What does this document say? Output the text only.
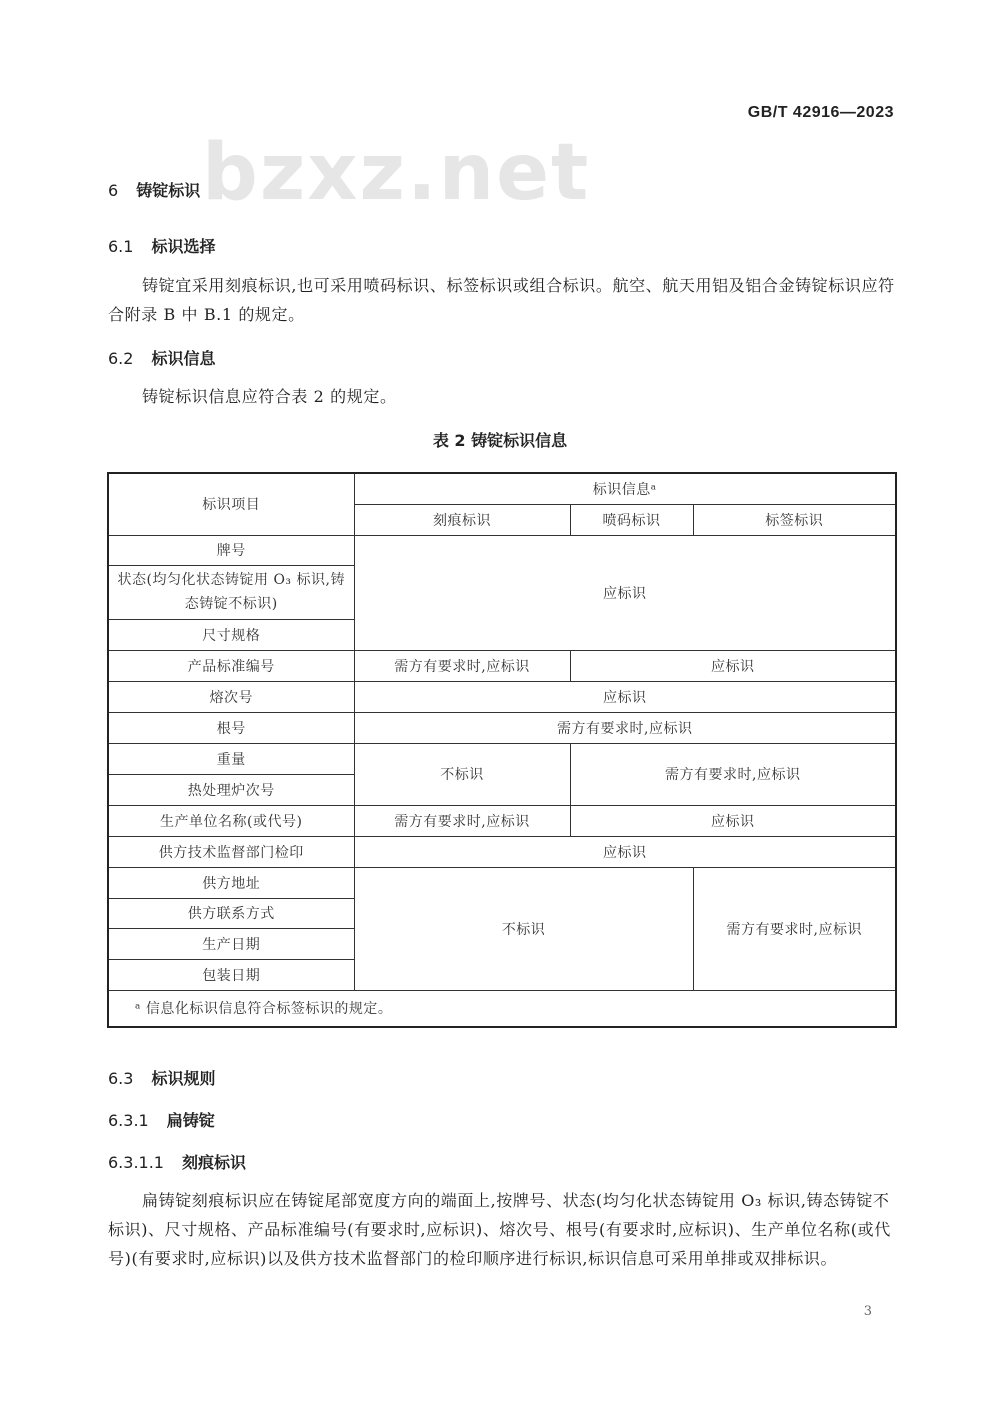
GB/T 42916—2023
bzxz.net
6 铸锭标识
6.1 标识选择
铸锭宜采用刻痕标识,也可采用喷码标识、标签标识或组合标识。航空、航天用铝及铝合金铸锭标识应符合附录 B 中 B.1 的规定。
6.2 标识信息
铸锭标识信息应符合表 2 的规定。
表 2 铸锭标识信息
标识项目	标识信息ᵃ		
	刻痕标识	喷码标识	标签标识
牌号	应标识		
状态(均匀化状态铸锭用 O₃ 标识,铸态铸锭不标识)			
尺寸规格			
产品标准编号	需方有要求时,应标识	应标识	
熔次号	应标识		
根号	需方有要求时,应标识		
重量	不标识	需方有要求时,应标识	
热处理炉次号			
生产单位名称(或代号)	需方有要求时,应标识	应标识	
供方技术监督部门检印	应标识		
供方地址	不标识		需方有要求时,应标识
供方联系方式			
生产日期			
包装日期			
ᵃ 信息化标识信息符合标签标识的规定。			
6.3 标识规则
6.3.1 扁铸锭
6.3.1.1 刻痕标识
扁铸锭刻痕标识应在铸锭尾部宽度方向的端面上,按牌号、状态(均匀化状态铸锭用 O₃ 标识,铸态铸锭不标识)、尺寸规格、产品标准编号(有要求时,应标识)、熔次号、根号(有要求时,应标识)、生产单位名称(或代号)(有要求时,应标识)以及供方技术监督部门的检印顺序进行标识,标识信息可采用单排或双排标识。
3
